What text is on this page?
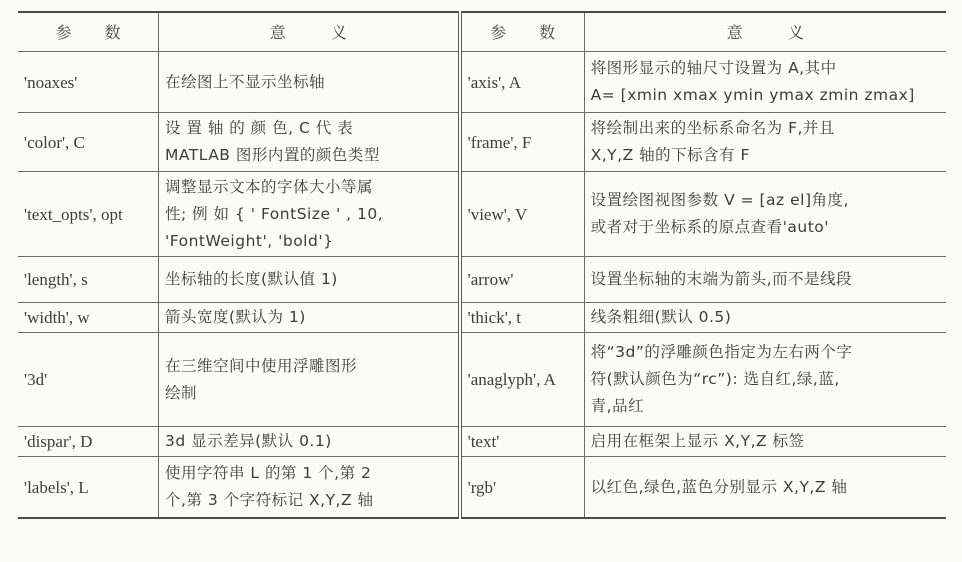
参 数	意 义	参 数	意 义
'noaxes'	在绘图上不显示坐标轴	'axis', A	将图形显示的轴尺寸设置为 A,其中
A= [xmin xmax ymin ymax zmin zmax]

'color', C	设 置 轴 的 颜 色, C 代 表
MATLAB 图形内置的颜色类型	'frame', F	将绘制出来的坐标系命名为 F,并且
X,Y,Z 轴的下标含有 F

'text_opts', opt	调整显示文本的字体大小等属
性; 例 如 { ' FontSize ' , 10,
'FontWeight', 'bold'}	'view', V	设置绘图视图参数 V = [az el]角度,
或者对于坐标系的原点查看'auto'

'length', s	坐标轴的长度(默认值 1)	'arrow'	设置坐标轴的末端为箭头,而不是线段

'width', w	箭头宽度(默认为 1)	'thick', t	线条粗细(默认 0.5)

'3d'	在三维空间中使用浮雕图形
绘制	'anaglyph', A	将“3d”的浮雕颜色指定为左右两个字
符(默认颜色为“rc”): 选自红,绿,蓝,
青,品红

'dispar', D	3d 显示差异(默认 0.1)	'text'	启用在框架上显示 X,Y,Z 标签

'labels', L	使用字符串 L 的第 1 个,第 2
个,第 3 个字符标记 X,Y,Z 轴	'rgb'	以红色,绿色,蓝色分别显示 X,Y,Z 轴
